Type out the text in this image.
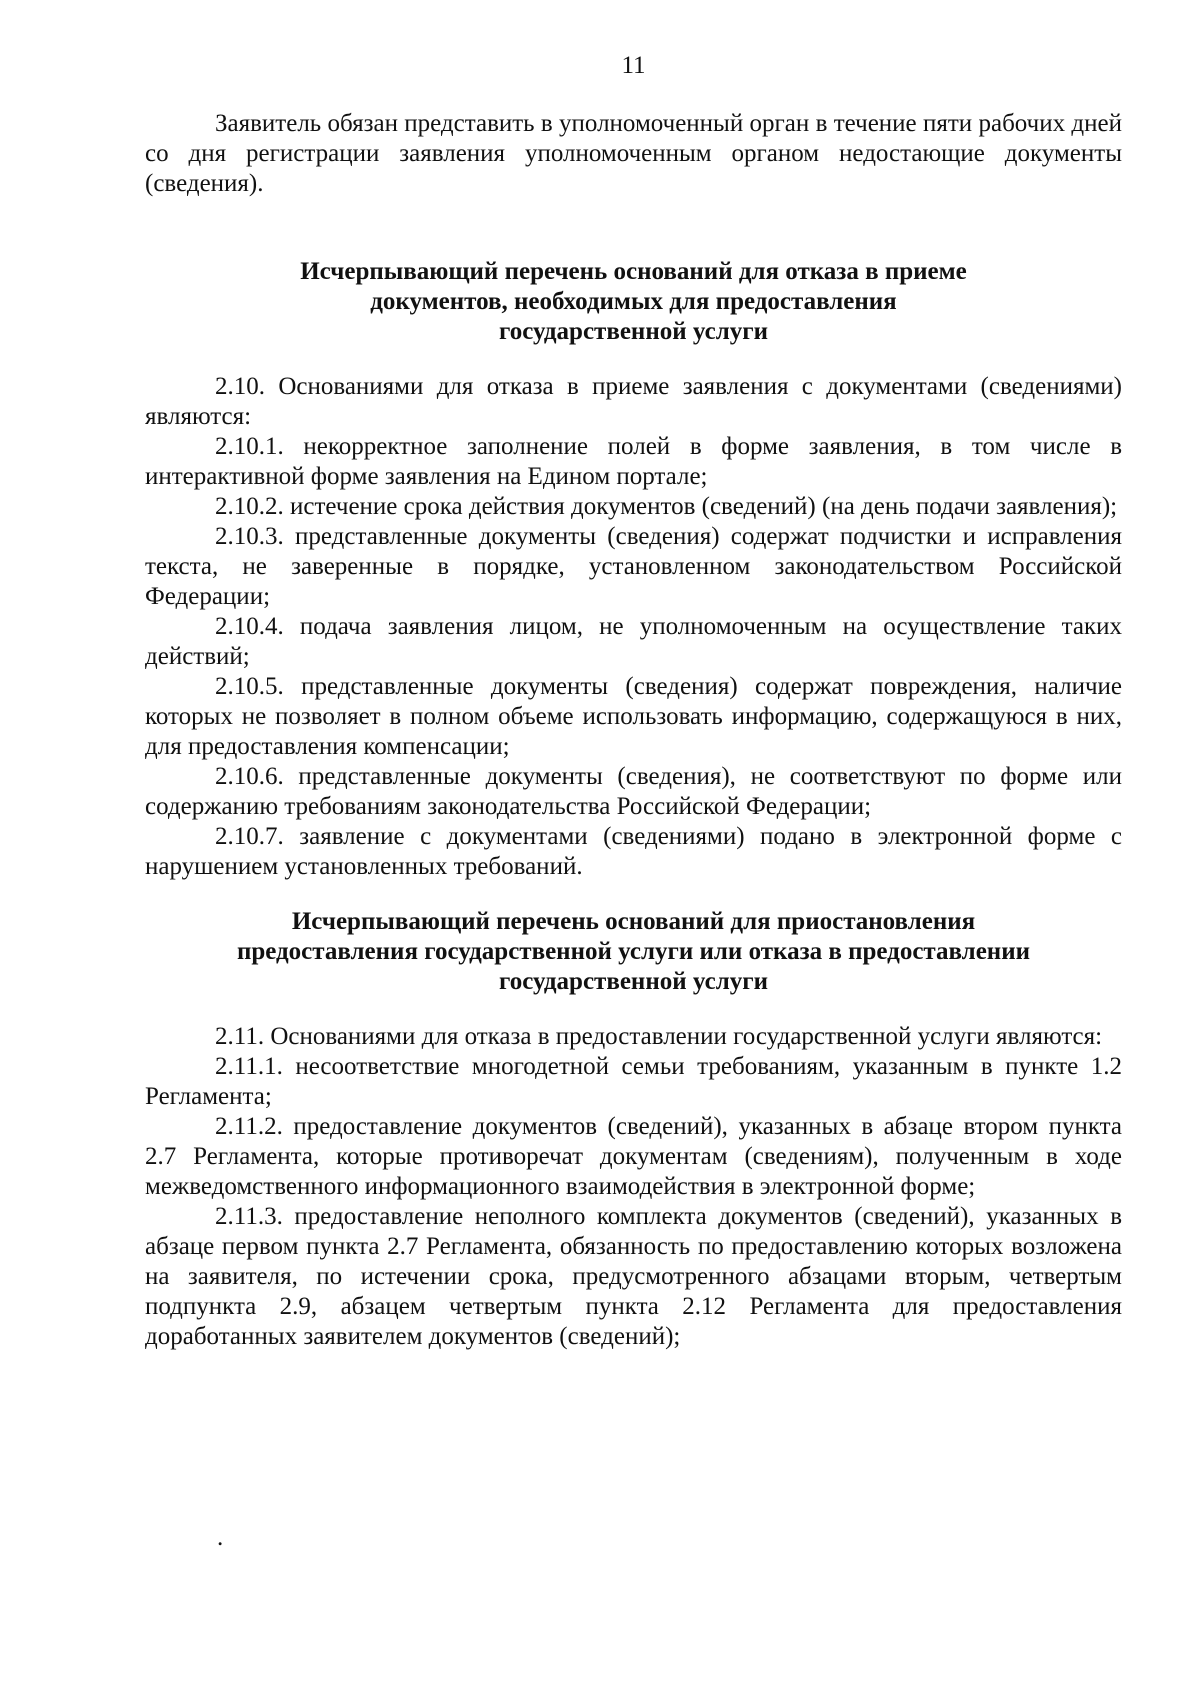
11

Заявитель обязан представить в уполномоченный орган в течение пяти рабочих дней со дня регистрации заявления уполномоченным органом недостающие документы (сведения).

Исчерпывающий перечень оснований для отказа в приеме

документов, необходимых для предоставления

государственной услуги

2.10. Основаниями для отказа в приеме заявления с документами (сведениями) являются:

2.10.1. некорректное заполнение полей в форме заявления, в том числе в интерактивной форме заявления на Едином портале;

2.10.2. истечение срока действия документов (сведений) (на день подачи заявления);

2.10.3. представленные документы (сведения) содержат подчистки и исправления текста, не заверенные в порядке, установленном законодательством Российской Федерации;

2.10.4. подача заявления лицом, не уполномоченным на осуществление таких действий;

2.10.5. представленные документы (сведения) содержат повреждения, наличие которых не позволяет в полном объеме использовать информацию, содержащуюся в них, для предоставления компенсации;

2.10.6. представленные документы (сведения), не соответствуют по форме или содержанию требованиям законодательства Российской Федерации;

2.10.7. заявление с документами (сведениями) подано в электронной форме с нарушением установленных требований.

Исчерпывающий перечень оснований для приостановления

предоставления государственной услуги или отказа в предоставлении

государственной услуги

2.11. Основаниями для отказа в предоставлении государственной услуги являются:

2.11.1. несоответствие многодетной семьи требованиям, указанным в пункте 1.2 Регламента;

2.11.2. предоставление документов (сведений), указанных в абзаце втором пункта 2.7 Регламента, которые противоречат документам (сведениям), полученным в ходе межведомственного информационного взаимодействия в электронной форме;

2.11.3. предоставление неполного комплекта документов (сведений), указанных в абзаце первом пункта 2.7 Регламента, обязанность по предоставлению которых возложена на заявителя, по истечении срока, предусмотренного абзацами вторым, четвертым подпункта 2.9, абзацем четвертым пункта 2.12 Регламента для предоставления доработанных заявителем документов (сведений);

.
